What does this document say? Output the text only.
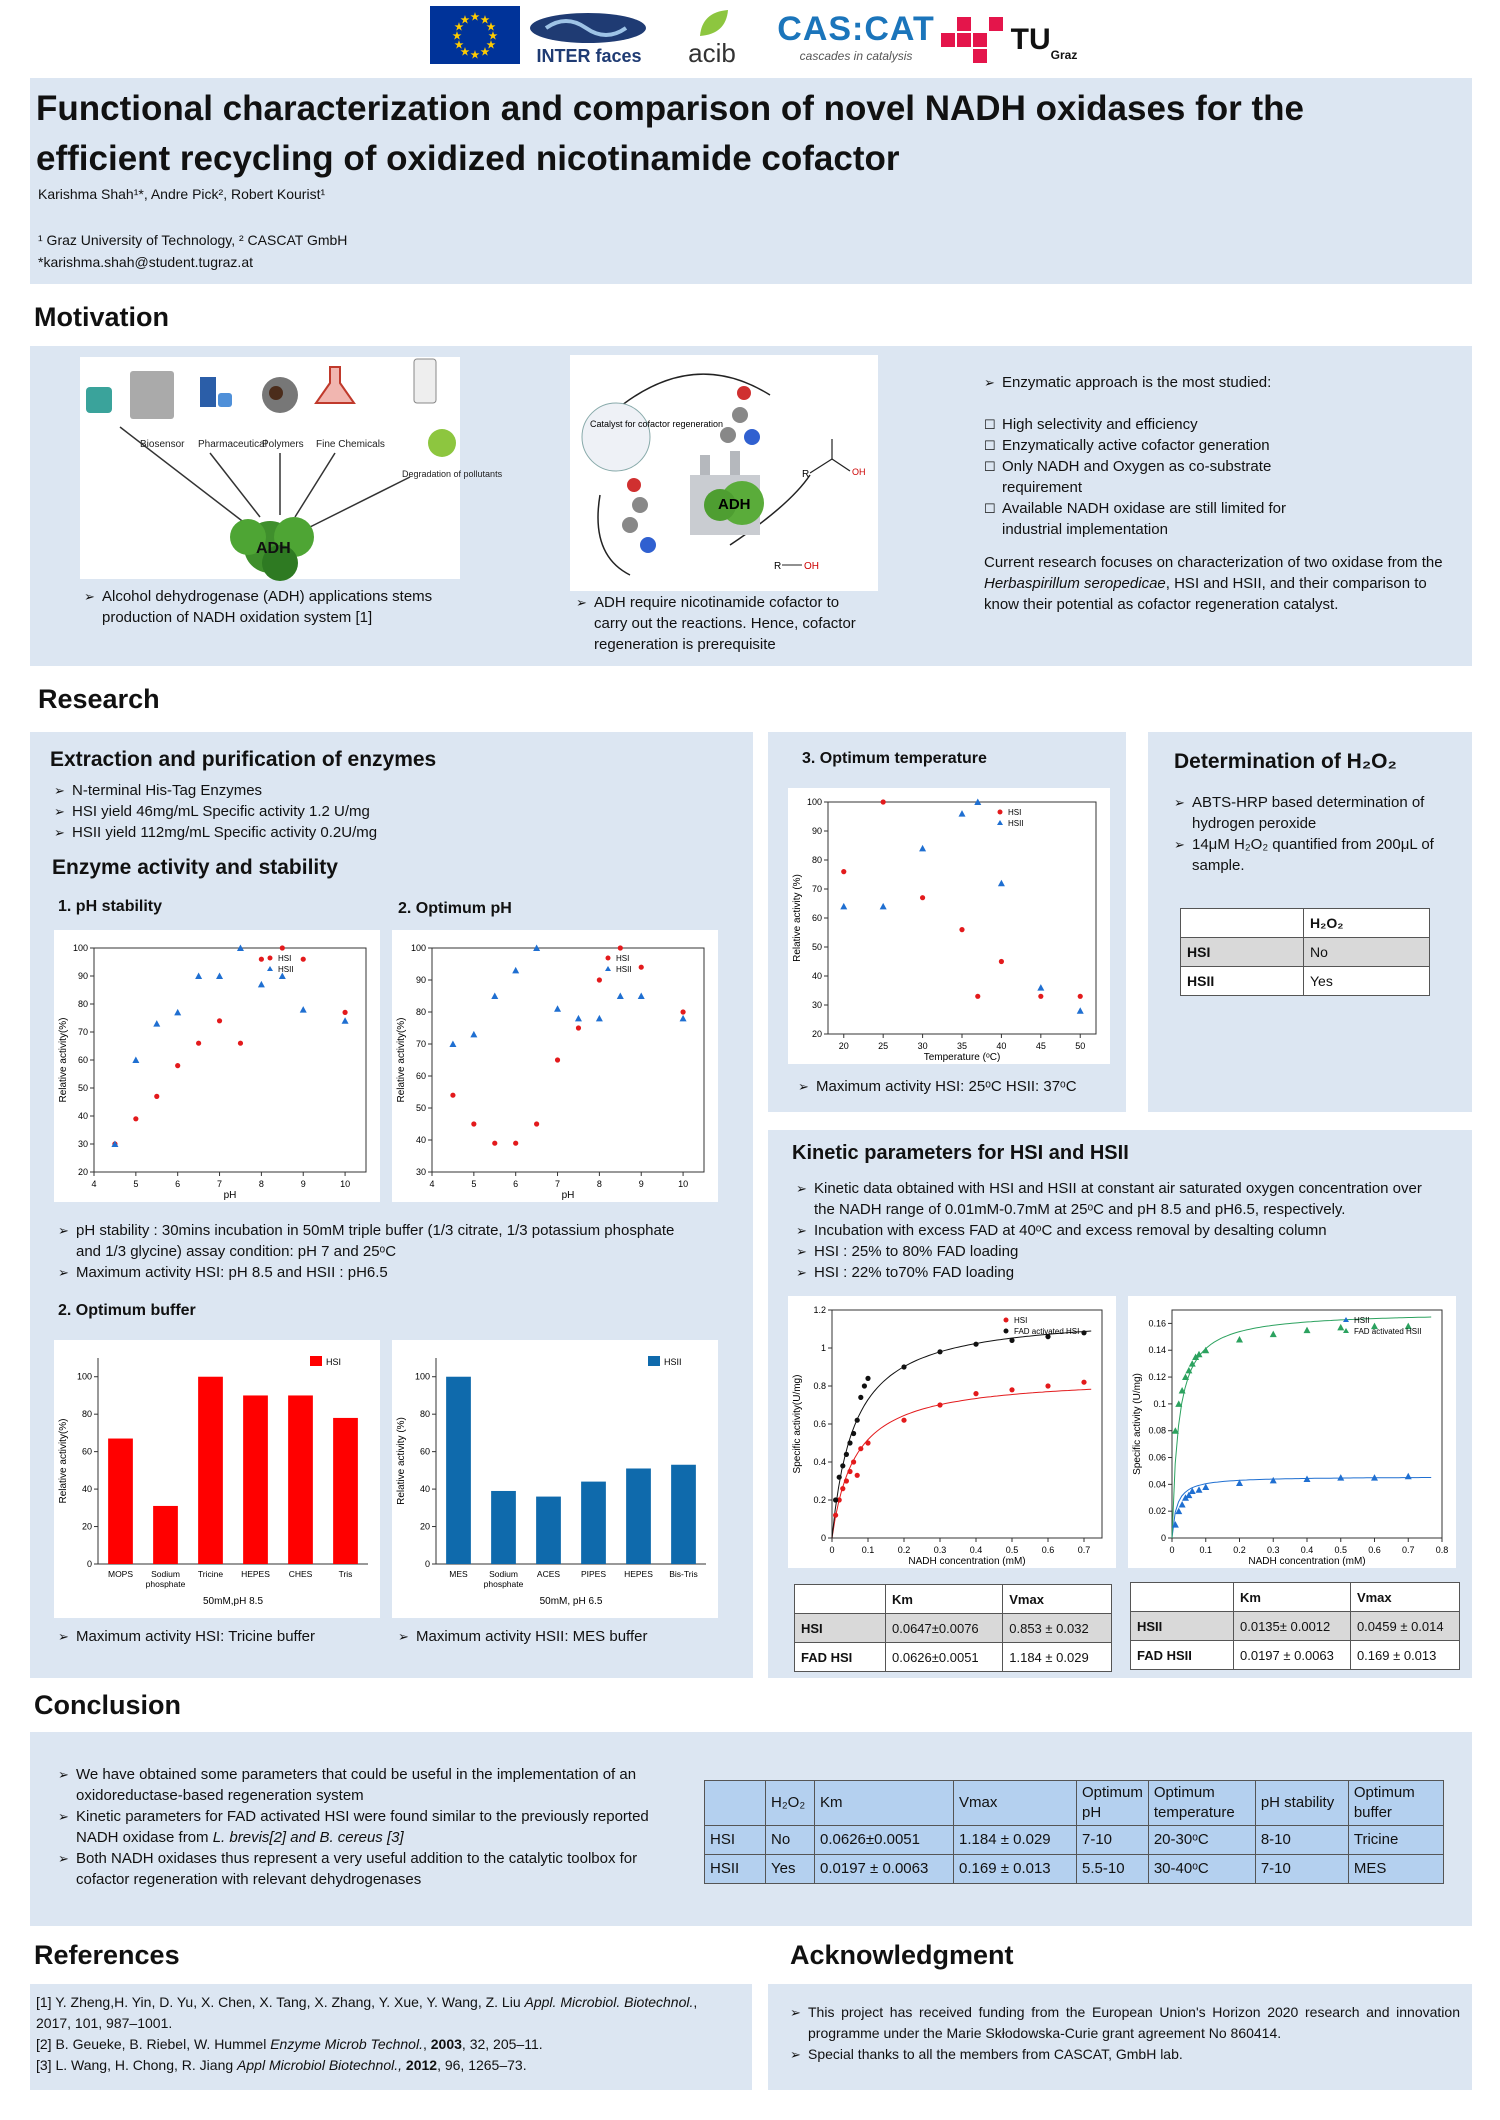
★ ★
★
★
★
★
★
★
★
★
★
★
INTER faces acib
CAS:CAT
cascades in catalysis	TU Graz
Functional characterization and comparison of novel NADH oxidases for the
efficient recycling of oxidized nicotinamide cofactor
Karishma Shah¹*, Andre Pick², Robert Kourist¹
¹ Graz University of Technology, ² CASCAT GmbH
*karishma.shah@student.tugraz.at
Motivation
Biosensor Pharmaceutical
Polymers Fine Chemicals
Degradation of pollutants
ADH
➢ Alcohol dehydrogenase (ADH) applications stems production of NADH oxidation system [1]
Catalyst for cofactor regeneration
ADH
R	OH
R OH
➢ ADH require nicotinamide cofactor to carry out the reactions. Hence, cofactor regeneration is prerequisite
➢ Enzymatic approach is the most studied:
☐ High selectivity and efficiency
☐ Enzymatically active cofactor generation
☐ Only NADH and Oxygen as co-substrate requirement
☐ Available NADH oxidase are still limited for industrial implementation
Current research focuses on characterization of two oxidase from the Herbaspirillum seropedicae, HSI and HSII, and their comparison to know their potential as cofactor regeneration catalyst.
Research
Extraction and purification of enzymes
➢ N-terminal His-Tag Enzymes
➢ HSI yield 46mg/mL Specific activity 1.2 U/mg
➢ HSII yield 112mg/mL Specific activity 0.2U/mg
Enzyme activity and stability
1. pH stability	2. Optimum pH
4	5	6	7	8	9	10
20
30
40
50
60
70
80
90
100
pH
Relative activity(%)
HSI
HSII
4	5	6	7	8	9	10
30
40
50
60
70
80
90
100
pH
Relative activity(%)
HSI
HSII
➢ pH stability : 30mins incubation in 50mM triple buffer (1/3 citrate, 1/3 potassium phosphate and 1/3 glycine) assay condition: pH 7 and 25ᵒC
➢ Maximum activity HSI: pH 8.5 and HSII : pH6.5
2. Optimum buffer
0
20
40
60
80
100
MOPS Sodium
phosphate
Tricine HEPES CHES	Tris
50mM,pH 8.5
Relative activity(%)
HSI
0
20
40
60
80
100
MES	Sodium
phosphate
ACES PIPES HEPES Bis-Tris
50mM, pH 6.5
Relative activity (%)
HSII
➢ Maximum activity HSI: Tricine buffer	➢ Maximum activity HSII: MES buffer
3. Optimum temperature
20	25	30	35	40	45	50
20
30
40
50
60
70
80
90
100
Temperature (ᵒC)
Relative activity (%)
HSI
HSII
➢ Maximum activity HSI: 25ᵒC HSII: 37ᵒC
Determination of H₂O₂
➢ ABTS-HRP based determination of hydrogen peroxide
➢ 14μM H₂O₂ quantified from 200μL of sample.
	H₂O₂
HSI	No
HSII	Yes
Kinetic parameters for HSI and HSII
➢ Kinetic data obtained with HSI and HSII at constant air saturated oxygen concentration over the NADH range of 0.01mM-0.7mM at 25ᵒC and pH 8.5 and pH6.5, respectively.
➢ Incubation with excess FAD at 40ᵒC and excess removal by desalting column
➢ HSI : 25% to 80% FAD loading
➢ HSI : 22% to70% FAD loading
0	0.1	0.2	0.3	0.4	0.5	0.6	0.7
0
0.2
0.4
0.6
0.8
1
1.2
NADH concentration (mM)
Specific activity(U/mg)
HSI
FAD activated HSI
0	0.1 0.2 0.3 0.4 0.5 0.6 0.7 0.8
0
0.02
0.04
0.06
0.08
0.1
0.12
0.14
0.16
NADH concentration (mM)
Specific activity (U/mg)
HSII
FAD activated HSII
	Km	Vmax
HSI	0.0647±0.0076	0.853 ± 0.032
FAD HSI	0.0626±0.0051	1.184 ± 0.029
	Km	Vmax
HSII	0.0135± 0.0012	0.0459 ± 0.014
FAD HSII	0.0197 ± 0.0063	0.169 ± 0.013
Conclusion
➢ We have obtained some parameters that could be useful in the implementation of an oxidoreductase-based regeneration system
➢ Kinetic parameters for FAD activated HSI were found similar to the previously reported NADH oxidase from L. brevis[2] and B. cereus [3]
➢ Both NADH oxidases thus represent a very useful addition to the catalytic toolbox for cofactor regeneration with relevant dehydrogenases
	H₂O₂	Km	Vmax	Optimum pH	Optimum temperature	pH stability	Optimum buffer
HSI	No	0.0626±0.0051	1.184 ± 0.029	7-10	20-30ᵒC	8-10	Tricine
HSII	Yes	0.0197 ± 0.0063	0.169 ± 0.013	5.5-10	30-40ᵒC	7-10	MES
References
[1] Y. Zheng,H. Yin, D. Yu, X. Chen, X. Tang, X. Zhang, Y. Xue, Y. Wang, Z. Liu Appl. Microbiol. Biotechnol., 2017, 101, 987–1001.
[2] B. Geueke, B. Riebel, W. Hummel Enzyme Microb Technol., 2003, 32, 205–11.
[3] L. Wang, H. Chong, R. Jiang Appl Microbiol Biotechnol., 2012, 96, 1265–73.
Acknowledgment
➢ This project has received funding from the European Union's Horizon 2020 research and innovation programme under the Marie Skłodowska-Curie grant agreement No 860414.
➢ Special thanks to all the members from CASCAT, GmbH lab.
